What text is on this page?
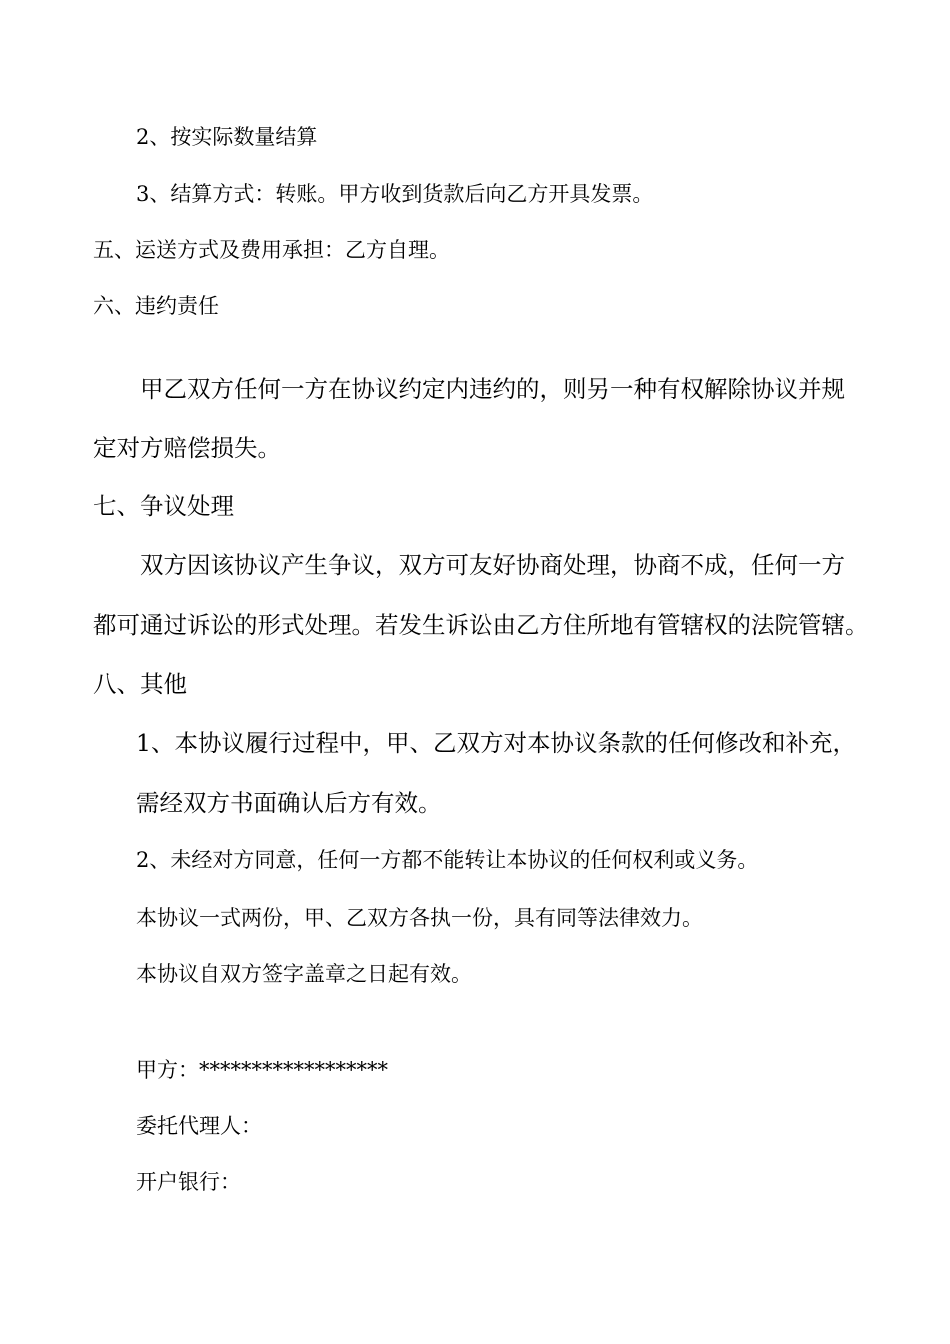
2、按实际数量结算
3、结算方式：转账。甲方收到货款后向乙方开具发票。
五、运送方式及费用承担：乙方自理。
六、违约责任
甲乙双方任何一方在协议约定内违约的，则另一种有权解除协议并规
定对方赔偿损失。
七、争议处理
双方因该协议产生争议，双方可友好协商处理，协商不成，任何一方
都可通过诉讼的形式处理。若发生诉讼由乙方住所地有管辖权的法院管辖。
八、其他
1、本协议履行过程中，甲、乙双方对本协议条款的任何修改和补充，
需经双方书面确认后方有效。
2、未经对方同意，任何一方都不能转让本协议的任何权利或义务。
本协议一式两份，甲、乙双方各执一份，具有同等法律效力。
本协议自双方签字盖章之日起有效。
甲方：******************
委托代理人：
开户银行：
